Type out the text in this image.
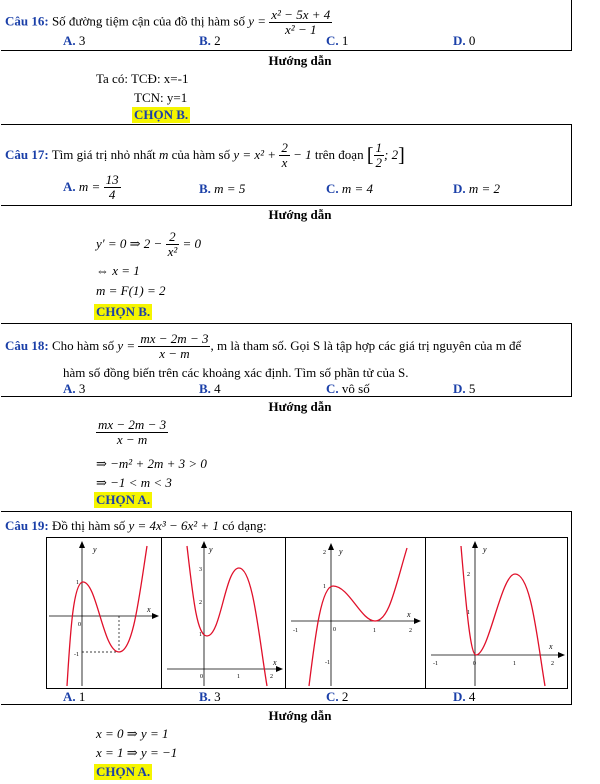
Câu 16: Số đường tiệm cận của đồ thị hàm số $y = \frac{\text{x² − 5x + 4}}{\text{x² − 1}}$
A. 3	B. 2	C. 1	D. 0
Hướng dẫn
Ta có: TCĐ: x=-1
TCN: y=1
CHỌN B.
Câu 17: Tìm giá trị nhỏ nhất m của hàm số $y = x^2 + \frac{2}{x} - 1$ trên đoạn [ $\frac{1}{2}$ ; 2]
A. $m = \frac{13}{4}$	B. m = 5	C. m = 4	D. m = 2
Hướng dẫn
y′ = 0 ⇒ $2 - \frac{2}{\text{x²}} = 0$
⇔ x = 1
m = F(1) = 2
CHỌN B.
Câu 18: Cho hàm số $y = \frac{mx - 2m - 3}{x - m}$ , m là tham số. Gọi S là tập hợp các giá trị nguyên của m để
hàm số đồng biến trên các khoảng xác định. Tìm số phần tử của S.
A. 3	B. 4	C. vô số	D. 5
Hướng dẫn
$\frac{mx - 2m - 3}{x - m}$
⇒ −m² + 2m + 3 > 0
⇒ −1 < m < 3
CHỌN A.
Câu 19: Đồ thị hàm số y = 4x³ − 6x² + 1 có dạng:
A. 1	B. 3	C. 2	D. 4
y
x
1
-1
0
y
x
3
2
1
0	1	2
y
x
2
1
-1
-1	0	1	2
y
x
2
1
-1	0	1	2
Hướng dẫn
x = 0 ⇒ y = 1
x = 1 ⇒ y = −1
CHỌN A.
